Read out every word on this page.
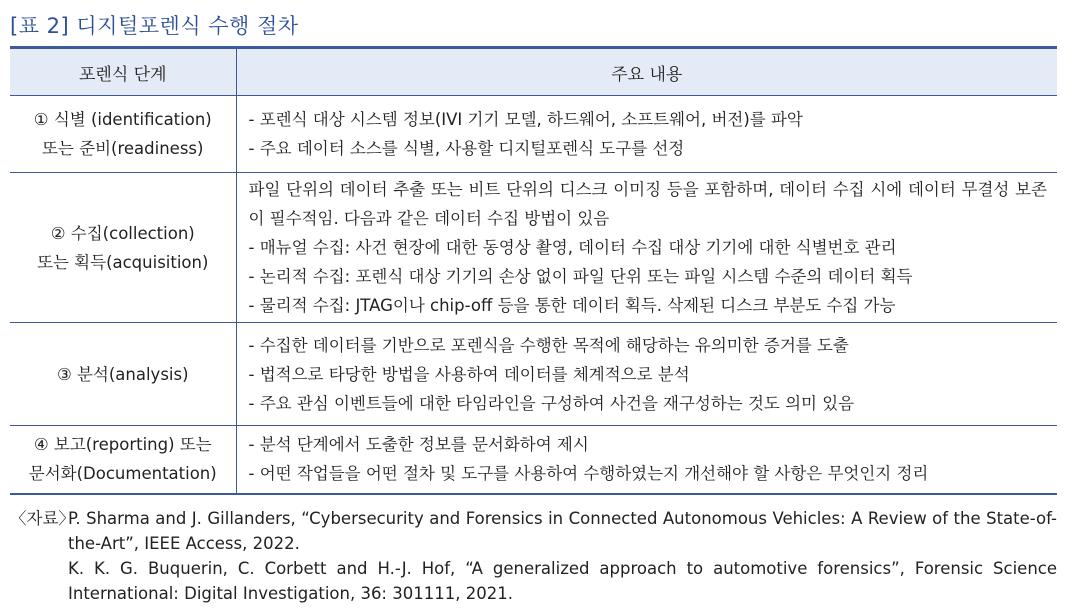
[표 2] 디지털포렌식 수행 절차
포렌식 단계	주요 내용

① 식별 (identification)
또는 준비(readiness)	- 포렌식 대상 시스템 정보(IVI 기기 모델, 하드웨어, 소프트웨어, 버전)를 파악
- 주요 데이터 소스를 식별, 사용할 디지털포렌식 도구를 선정

② 수집(collection)
또는 획득(acquisition)	파일 단위의 데이터 추출 또는 비트 단위의 디스크 이미징 등을 포함하며, 데이터 수집 시에 데이터 무결성 보존이 필수적임. 다음과 같은 데이터 수집 방법이 있음
- 매뉴얼 수집: 사건 현장에 대한 동영상 촬영, 데이터 수집 대상 기기에 대한 식별번호 관리
- 논리적 수집: 포렌식 대상 기기의 손상 없이 파일 단위 또는 파일 시스템 수준의 데이터 획득
- 물리적 수집: JTAG이나 chip-off 등을 통한 데이터 획득. 삭제된 디스크 부분도 수집 가능

③ 분석(analysis)	- 수집한 데이터를 기반으로 포렌식을 수행한 목적에 해당하는 유의미한 증거를 도출
- 법적으로 타당한 방법을 사용하여 데이터를 체계적으로 분석
- 주요 관심 이벤트들에 대한 타임라인을 구성하여 사건을 재구성하는 것도 의미 있음

④ 보고(reporting) 또는
문서화(Documentation)	- 분석 단계에서 도출한 정보를 문서화하여 제시
- 어떤 작업들을 어떤 절차 및 도구를 사용하여 수행하였는지 개선해야 할 사항은 무엇인지 정리
〈자료〉
P. Sharma and J. Gillanders, “Cybersecurity and Forensics in Connected Autonomous Vehicles: A Review of the State-of-the-Art”, IEEE Access, 2022.
K. K. G. Buquerin, C. Corbett and H.-J. Hof, “A generalized approach to automotive forensics”, Forensic Science International: Digital Investigation, 36: 301111, 2021.
